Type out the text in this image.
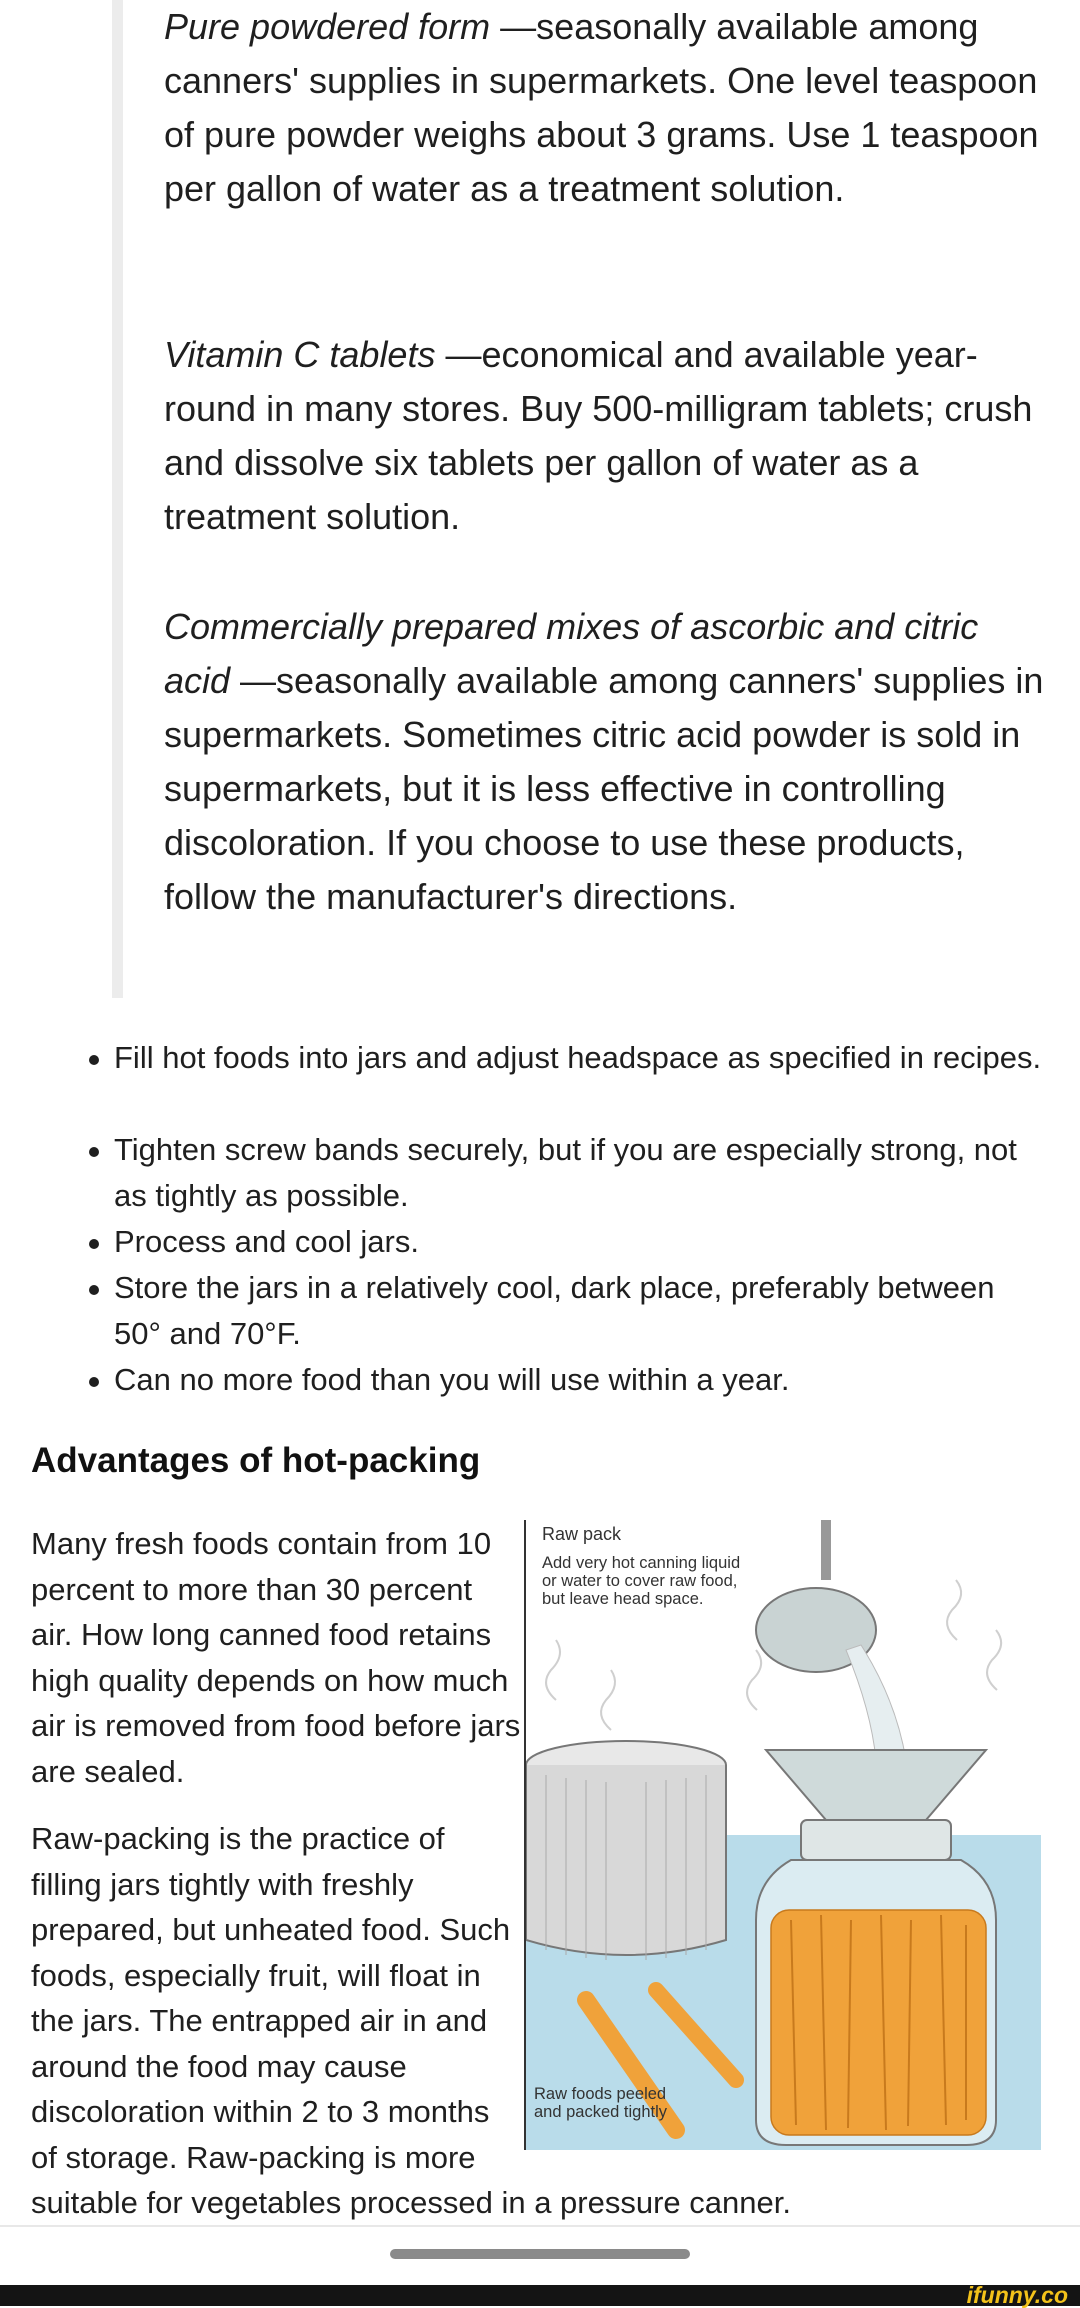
Pure powdered form —seasonally available among canners' supplies in supermarkets. One level teaspoon of pure powder weighs about 3 grams. Use 1 teaspoon per gallon of water as a treatment solution.

Vitamin C tablets —economical and available year-round in many stores. Buy 500-milligram tablets; crush and dissolve six tablets per gallon of water as a treatment solution.

Commercially prepared mixes of ascorbic and citric acid —seasonally available among canners' supplies in supermarkets. Sometimes citric acid powder is sold in supermarkets, but it is less effective in controlling discoloration. If you choose to use these products, follow the manufacturer's directions.

Fill hot foods into jars and adjust headspace as specified in recipes.
Tighten screw bands securely, but if you are especially strong, not as tightly as possible.
Process and cool jars.
Store the jars in a relatively cool, dark place, preferably between 50° and 70°F.
Can no more food than you will use within a year.
Advantages of hot-packing

Many fresh foods contain from 10 percent to more than 30 percent air. How long canned food retains high quality depends on how much air is removed from food before jars are sealed.

Raw-packing is the practice of filling jars tightly with freshly prepared, but unheated food. Such foods, especially fruit, will float in the jars. The entrapped air in and around the food may cause discoloration within 2 to 3 months of storage. Raw-packing is more

suitable for vegetables processed in a pressure canner.
Raw pack
Add very hot canning liquid or water to cover raw food, but leave head space.
Raw foods peeled and packed tightly
ifunny.co
